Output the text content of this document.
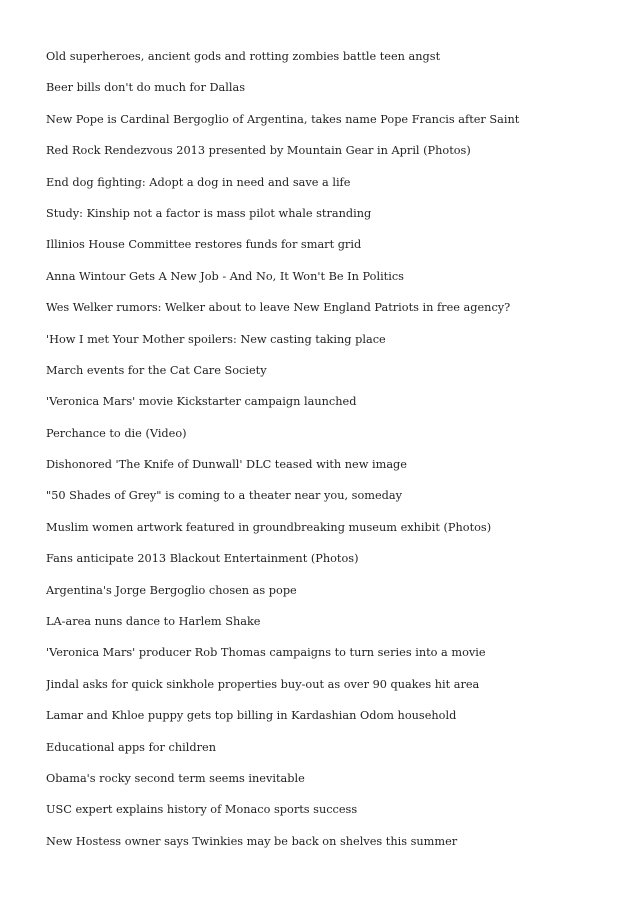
Old superheroes, ancient gods and rotting zombies battle teen angst
Beer bills don't do much for Dallas
New Pope is Cardinal Bergoglio of Argentina, takes name Pope Francis after Saint
Red Rock Rendezvous 2013 presented by Mountain Gear in April (Photos)
End dog fighting: Adopt a dog in need and save a life
Study: Kinship not a factor is mass pilot whale stranding
Illinios House Committee restores funds for smart grid
Anna Wintour Gets A New Job - And No, It Won't Be In Politics
Wes Welker rumors: Welker about to leave New England Patriots in free agency?
'How I met Your Mother spoilers: New casting taking place
March events for the Cat Care Society
'Veronica Mars' movie Kickstarter campaign launched
Perchance to die (Video)
Dishonored 'The Knife of Dunwall' DLC teased with new image
"50 Shades of Grey" is coming to a theater near you, someday
Muslim women artwork featured in groundbreaking museum exhibit (Photos)
Fans anticipate 2013 Blackout Entertainment (Photos)
Argentina's Jorge Bergoglio chosen as pope
LA-area nuns dance to Harlem Shake
'Veronica Mars' producer Rob Thomas campaigns to turn series into a movie
Jindal asks for quick sinkhole properties buy-out as over 90 quakes hit area
Lamar and Khloe puppy gets top billing in Kardashian Odom household
Educational apps for children
Obama's rocky second term seems inevitable
USC expert explains history of Monaco sports success
New Hostess owner says Twinkies may be back on shelves this summer
